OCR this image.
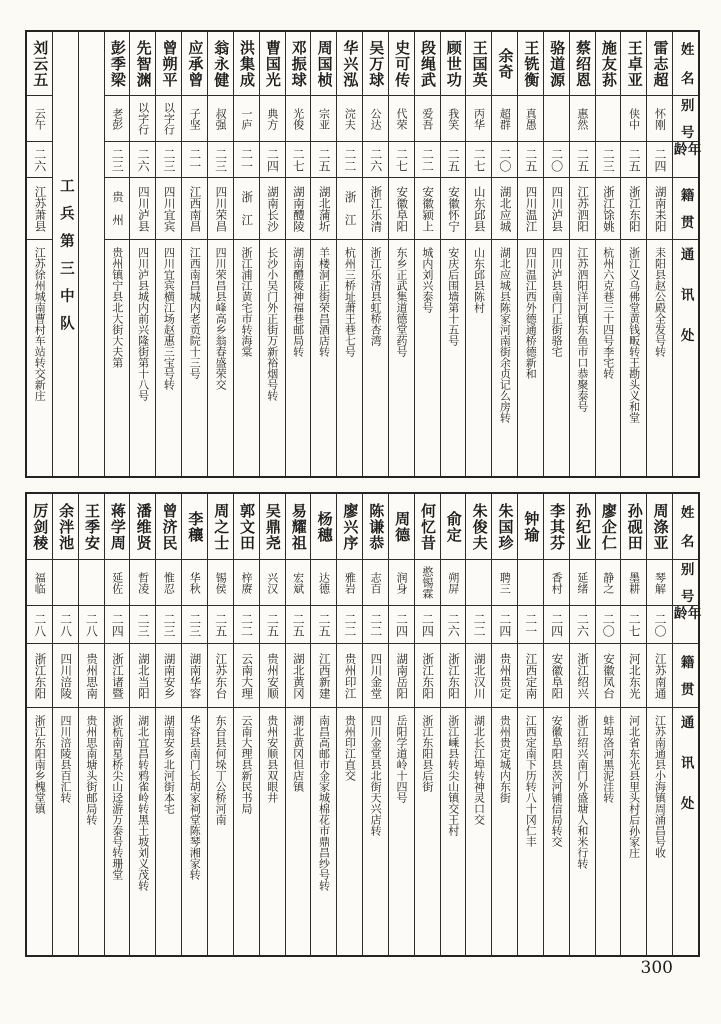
姓　名
别　号
年　龄
籍　贯
通　　讯　　处
雷志超
怀刚
二四
湖南耒阳
耒阳县赵公殿全发号转
王卓亚
侠中
二五
浙江东阳
浙江义乌佛堂黄钱畈转王勘头义和堂
施友荪
二三
浙江馀姚
杭州六克巷三十四号李宅转
蔡绍恩
惠然
二五
江苏泗阳
江苏泗阳洋河镇东鱼市口恭聚泰号
骆道源
二〇
四川泸县
四川泸县南门正街骆宅
王铣衡
真愚
二五
四川温江
四川温江西外德通桥德新和
余奇
超群
二〇
湖北应城
湖北应城县陈家河南街余贞记么房转
王国英
丙华
二七
山东邱县
山东邱县陈村
顾世功
我笑
二五
安徽怀宁
安庆后围墙第十五号
段绳武
爱吾
二二
安徽颍上
城内刘兴泰号
史可传
代荣
二七
安徽阜阳
东乡正武集道德堂药号
吴万球
公达
二六
浙江乐清
浙江乐清县虹桥杏湾
华兴泓
浣夫
二二
浙　江
杭州三桥址萧王巷七号
周国桢
宗亚
二五
湖北蒲圻
羊楼洞正街荣昌酒店转
邓振球
光俊
二七
湖南醴陵
湖南醴陵神福巷邮局转
曹国光
典方
二四
湖南长沙
长沙小吴门外正街万新裕烟号转
洪集成
一庐
二一
浙　江
浙江浦江黄宅市转海棠
翁永健
叔强
二三
四川荣昌
四川荣昌县峰高乡翁春盛荣交
应承曾
子坚
二一
江西南昌
江西南昌城内老贡院十三号
曾朔平
以字行
二三
四川宜宾
四川宜宾横江场赵惠三宝号转
先智渊
以字行
二六
四川泸县
四川泸县城内前兴隆街第十八号
彭季梁
老彭
二三
贵　州
贵州镇宁县北大街大夫第
工兵第三中队
刘云五
云午
二六
江苏萧县
江苏徐州城南曹村车站转交新庄
姓　名
别　号
年　龄
籍　贯
通　　讯　　处
周涤亚
琴解
二〇
江苏南通
江苏南通县小海镇周涌昌号收
孙砚田
墨耕
二七
河北东光
河北省东光县里头村后孙家庄
廖企仁
静之
二〇
安徽凤台
蚌埠洛河黑泥洼转
孙纪业
延绪
二六
浙江绍兴
浙江绍兴南门外盛塘人和米行转
李其芬
香村
二四
安徽阜阳
安徽阜阳县茨河铺信局转交
钟瑜
二一
江西定南
江西定南下历转八十冈仁丰
朱国珍
聘三
二四
贵州贵定
贵州贵定城内东街
朱俊夫
二二
湖北汉川
湖北长江埠转神灵口交
俞定
朔屏
二六
浙江东阳
浙江嵊县转尖山镇交王村
何忆昔
憨锡霖
二四
浙江东阳
浙江东阳县后街
周德
润身
二四
湖南岳阳
岳阳学道岭十四号
陈谦恭
志百
二二
四川金堂
四川金堂县北街天兴店转
廖兴序
雅岩
二二
贵州印江
贵州印江直交
杨穗
达德
二五
江西新建
南昌高邮市金家城棉花市鼎昌纱号转
易耀祖
宏斌
二五
湖北黄冈
湖北黄冈但店镇
吴鼎尧
兴汉
二五
贵州安顺
贵州安顺县双眼井
郭文田
梓赓
二二
云南大理
云南大理县新民书局
周之士
锡侯
二五
江苏东台
东台县何垛丁公桥河南
李穰
华秋
二三
湖南华容
华容县南门长胡家祠堂陈琴湘家转
曾济民
惟忍
二三
湖南安乡
湖南安乡北河街本宅
潘维贤
哲凌
二三
湖北当阳
湖北宜昌转鸦雀岭转黑土坡刘义茂转
蒋学周
延佐
二四
浙江诸暨
浙杭南星桥尖山迳游万泰号转珊堂
王季安
二八
贵州思南
贵州思南塘头街邮局转
余泮池
二八
四川涪陵
四川涪陵县百汇转
厉剑稜
福临
二八
浙江东阳
浙江东阳南乡槐堂镇
300
